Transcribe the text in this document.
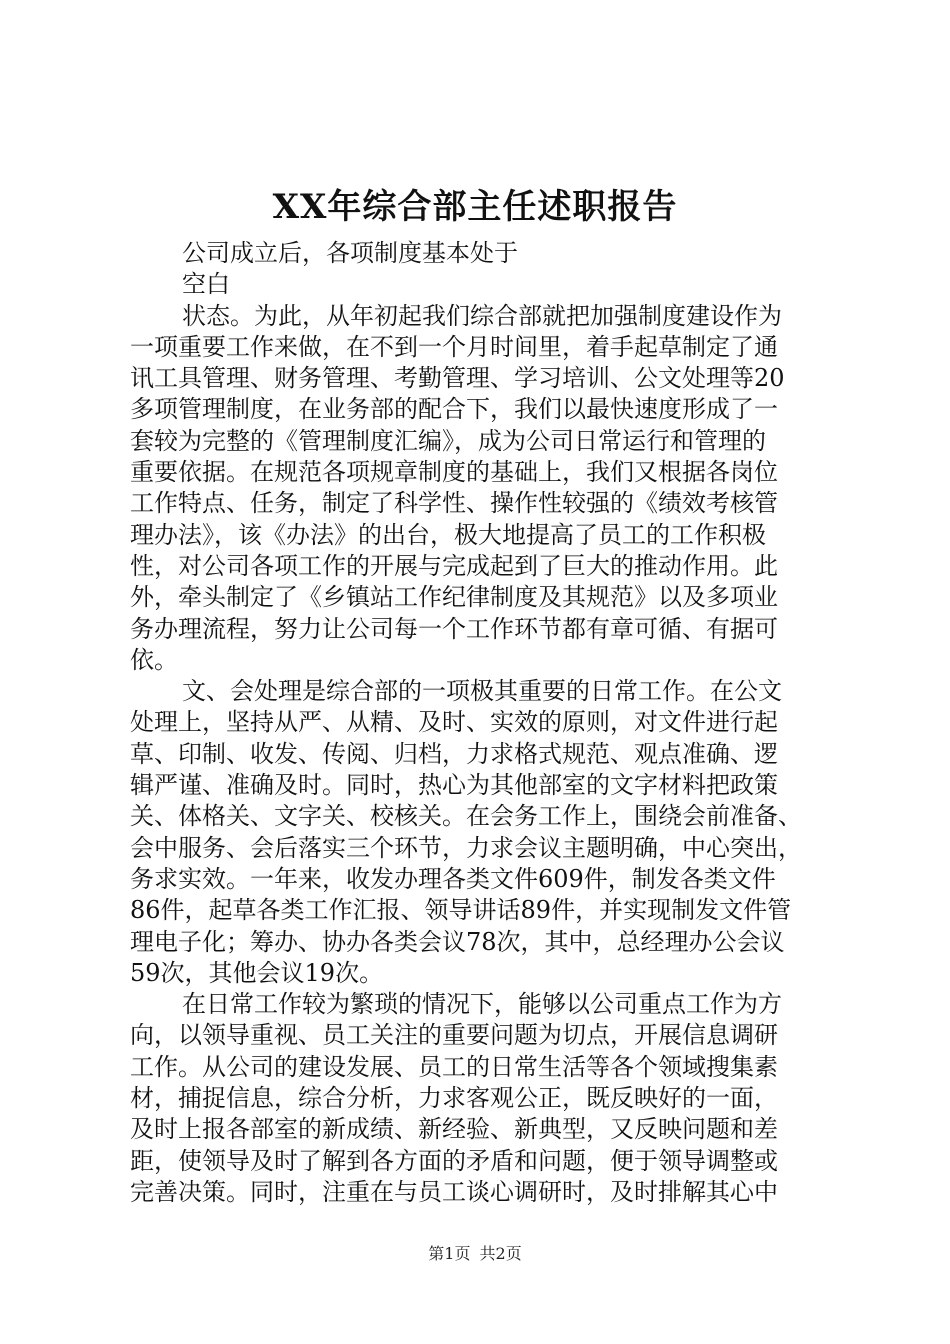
XX年综合部主任述职报告
公司成立后，各项制度基本处于
空白
状态。为此，从年初起我们综合部就把加强制度建设作为
一项重要工作来做，在不到一个月时间里，着手起草制定了通
讯工具管理、财务管理、考勤管理、学习培训、公文处理等20
多项管理制度，在业务部的配合下，我们以最快速度形成了一
套较为完整的《管理制度汇编》，成为公司日常运行和管理的
重要依据。在规范各项规章制度的基础上，我们又根据各岗位
工作特点、任务，制定了科学性、操作性较强的《绩效考核管
理办法》，该《办法》的出台，极大地提高了员工的工作积极
性，对公司各项工作的开展与完成起到了巨大的推动作用。此
外，牵头制定了《乡镇站工作纪律制度及其规范》以及多项业
务办理流程，努力让公司每一个工作环节都有章可循、有据可
依。
文、会处理是综合部的一项极其重要的日常工作。在公文
处理上，坚持从严、从精、及时、实效的原则，对文件进行起
草、印制、收发、传阅、归档，力求格式规范、观点准确、逻
辑严谨、准确及时。同时，热心为其他部室的文字材料把政策
关、体格关、文字关、校核关。在会务工作上，围绕会前准备、
会中服务、会后落实三个环节，力求会议主题明确，中心突出，
务求实效。一年来，收发办理各类文件609件，制发各类文件
86件，起草各类工作汇报、领导讲话89件，并实现制发文件管
理电子化；筹办、协办各类会议78次，其中，总经理办公会议
59次，其他会议19次。
在日常工作较为繁琐的情况下，能够以公司重点工作为方
向，以领导重视、员工关注的重要问题为切点，开展信息调研
工作。从公司的建设发展、员工的日常生活等各个领域搜集素
材，捕捉信息，综合分析，力求客观公正，既反映好的一面，
及时上报各部室的新成绩、新经验、新典型，又反映问题和差
距，使领导及时了解到各方面的矛盾和问题，便于领导调整或
完善决策。同时，注重在与员工谈心调研时，及时排解其心中
第1页 共2页
